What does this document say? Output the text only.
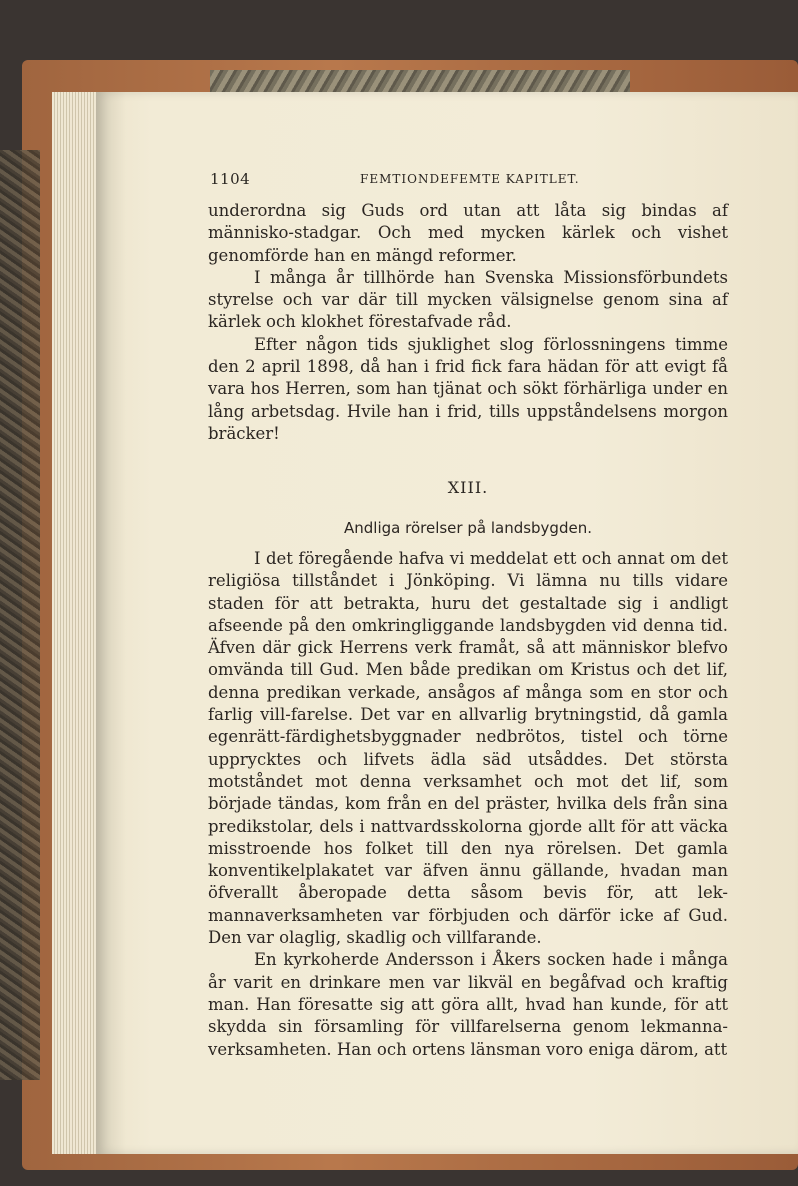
1104	FEMTIONDEFEMTE KAPITLET.

underordna sig Guds ord utan att låta sig bindas af människo-stadgar. Och med mycken kärlek och vishet genomförde han en mängd reformer.

I många år tillhörde han Svenska Missionsförbundets styrelse och var där till mycken välsignelse genom sina af kärlek och klokhet förestafvade råd.

Efter någon tids sjuklighet slog förlossningens timme den 2 april 1898, då han i frid fick fara hädan för att evigt få vara hos Herren, som han tjänat och sökt förhärliga under en lång arbetsdag. Hvile han i frid, tills uppståndelsens morgon bräcker!

XIII.
Andliga rörelser på landsbygden.

I det föregående hafva vi meddelat ett och annat om det religiösa tillståndet i Jönköping. Vi lämna nu tills vidare staden för att betrakta, huru det gestaltade sig i andligt afseende på den omkringliggande landsbygden vid denna tid. Äfven där gick Herrens verk framåt, så att människor blefvo omvända till Gud. Men både predikan om Kristus och det lif, denna predikan verkade, ansågos af många som en stor och farlig vill-farelse. Det var en allvarlig brytningstid, då gamla egenrätt-färdighetsbyggnader nedbrötos, tistel och törne upprycktes och lifvets ädla säd utsåddes. Det största motståndet mot denna verksamhet och mot det lif, som började tändas, kom från en del präster, hvilka dels från sina predikstolar, dels i nattvardsskolorna gjorde allt för att väcka misstroende hos folket till den nya rörelsen. Det gamla konventikelplakatet var äfven ännu gällande, hvadan man öfverallt åberopade detta såsom bevis för, att lek-mannaverksamheten var förbjuden och därför icke af Gud. Den var olaglig, skadlig och villfarande.

En kyrkoherde Andersson i Åkers socken hade i många år varit en drinkare men var likväl en begåfvad och kraftig man. Han föresatte sig att göra allt, hvad han kunde, för att skydda sin församling för villfarelserna genom lekmanna-verksamheten. Han och ortens länsman voro eniga därom, att
